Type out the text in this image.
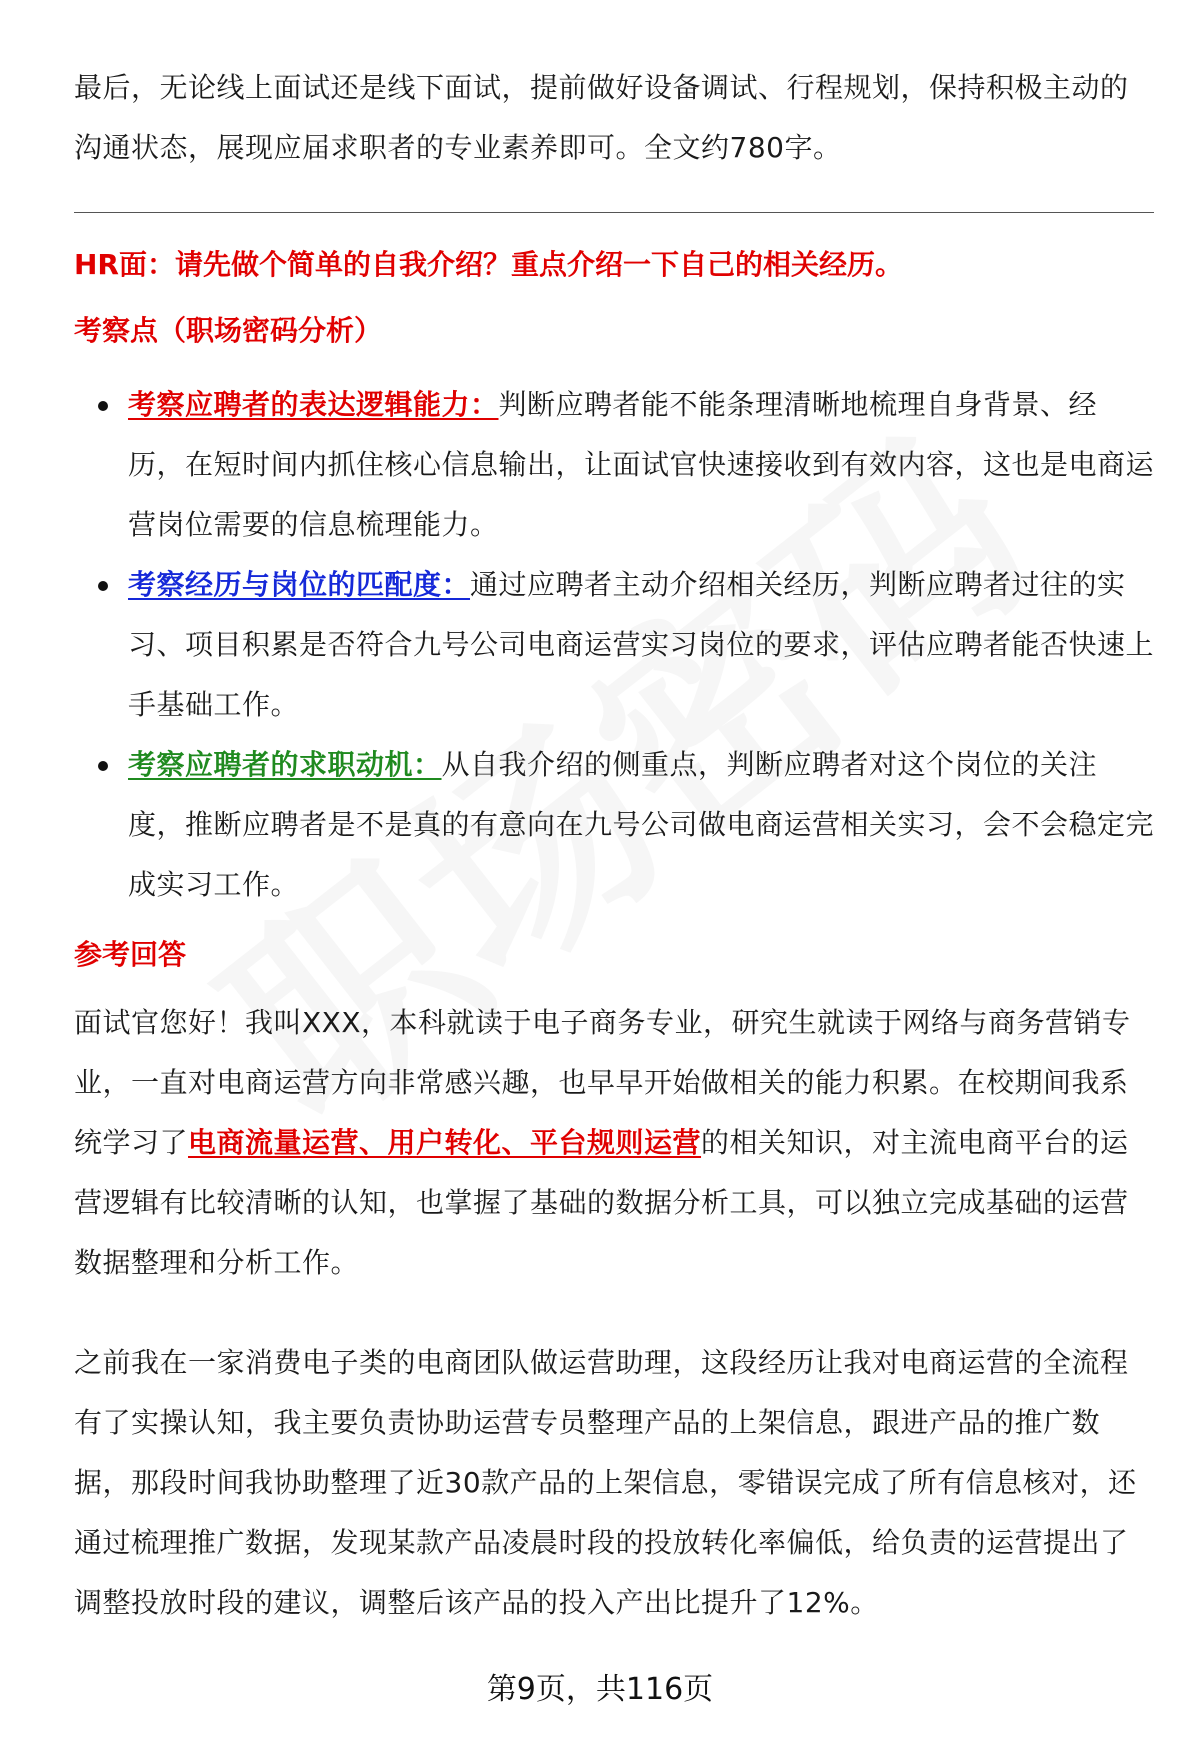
最后，无论线上面试还是线下面试，提前做好设备调试、行程规划，保持积极主动的沟通状态，展现应届求职者的专业素养即可。全文约780字。

HR面：请先做个简单的自我介绍？重点介绍一下自己的相关经历。
考察点（职场密码分析）
考察应聘者的表达逻辑能力：判断应聘者能不能条理清晰地梳理自身背景、经历，在短时间内抓住核心信息输出，让面试官快速接收到有效内容，这也是电商运营岗位需要的信息梳理能力。
考察经历与岗位的匹配度：通过应聘者主动介绍相关经历，判断应聘者过往的实习、项目积累是否符合九号公司电商运营实习岗位的要求，评估应聘者能否快速上手基础工作。
考察应聘者的求职动机：从自我介绍的侧重点，判断应聘者对这个岗位的关注度，推断应聘者是不是真的有意向在九号公司做电商运营相关实习，会不会稳定完成实习工作。
参考回答

面试官您好！我叫XXX，本科就读于电子商务专业，研究生就读于网络与商务营销专业，一直对电商运营方向非常感兴趣，也早早开始做相关的能力积累。在校期间我系统学习了电商流量运营、用户转化、平台规则运营的相关知识，对主流电商平台的运营逻辑有比较清晰的认知，也掌握了基础的数据分析工具，可以独立完成基础的运营数据整理和分析工作。

之前我在一家消费电子类的电商团队做运营助理，这段经历让我对电商运营的全流程有了实操认知，我主要负责协助运营专员整理产品的上架信息，跟进产品的推广数据，那段时间我协助整理了近30款产品的上架信息，零错误完成了所有信息核对，还通过梳理推广数据，发现某款产品凌晨时段的投放转化率偏低，给负责的运营提出了调整投放时段的建议，调整后该产品的投入产出比提升了12%。

第9页，共116页
